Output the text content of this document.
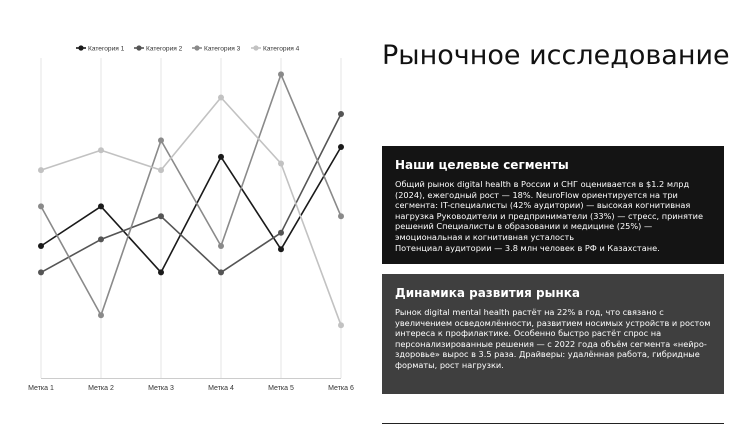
Категория 1	Категория 2	Категория 3	Категория 4
Метка 1	Метка 2	Метка 3	Метка 4	Метка 5	Метка 6
Рыночное исследование
Наши целевые сегменты

Общий рынок digital health в России и СНГ оценивается в $1.2 млрд (2024), ежегодный рост — 18%. NeuroFlow ориентируется на три сегмента: IT-специалисты (42% аудитории) — высокая когнитивная нагрузка Руководители и предприниматели (33%) — стресс, принятие решений Специалисты в образовании и медицине (25%) — эмоциональная и когнитивная усталость
Потенциал аудитории — 3.8 млн человек в РФ и Казахстане.

Динамика развития рынка

Рынок digital mental health растёт на 22% в год, что связано с увеличением осведомлённости, развитием носимых устройств и ростом интереса к профилактике. Особенно быстро растёт спрос на персонализированные решения — с 2022 года объём сегмента «нейро-здоровье» вырос в 3.5 раза. Драйверы: удалённая работа, гибридные форматы, рост нагрузки.
